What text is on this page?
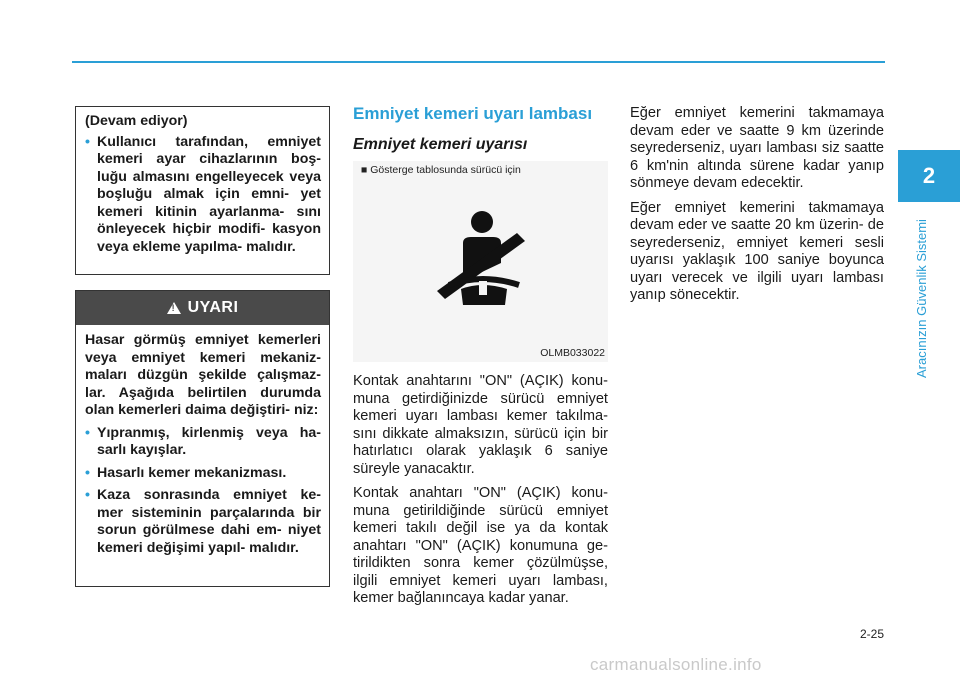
(Devam ediyor)

• Kullanıcı tarafından, emniyet kemeri ayar cihazlarının boş- luğu almasını engelleyecek veya boşluğu almak için emni- yet kemeri kitinin ayarlanma- sını önleyecek hiçbir modifi- kasyon veya ekleme yapılma- malıdır.

!
UYARI

Hasar görmüş emniyet kemerleri veya emniyet kemeri mekaniz- maları düzgün şekilde çalışmaz- lar. Aşağıda belirtilen durumda olan kemerleri daima değiştiri- niz:

• Yıpranmış, kirlenmiş veya ha- sarlı kayışlar.

• Hasarlı kemer mekanizması.

• Kaza sonrasında emniyet ke- mer sisteminin parçalarında bir sorun görülmese dahi em- niyet kemeri değişimi yapıl- malıdır.

Emniyet kemeri uyarı lambası
Emniyet kemeri uyarısı
■ Gösterge tablosunda sürücü için
OLMB033022

Kontak anahtarını "ON" (AÇIK) konu- muna getirdiğinizde sürücü emniyet kemeri uyarı lambası kemer takılma- sını dikkate almaksızın, sürücü için bir hatırlatıcı olarak yaklaşık 6 saniye süreyle yanacaktır.

Kontak anahtarı "ON" (AÇIK) konu- muna getirildiğinde sürücü emniyet kemeri takılı değil ise ya da kontak anahtarı "ON" (AÇIK) konumuna ge- tirildikten sonra kemer çözülmüşse, ilgili emniyet kemeri uyarı lambası, kemer bağlanıncaya kadar yanar.

Eğer emniyet kemerini takmamaya devam eder ve saatte 9 km üzerinde seyrederseniz, uyarı lambası siz saatte 6 km'nin altında sürene kadar yanıp sönmeye devam edecektir.

Eğer emniyet kemerini takmamaya devam eder ve saatte 20 km üzerin- de seyrederseniz, emniyet kemeri sesli uyarısı yaklaşık 100 saniye boyunca uyarı verecek ve ilgili uyarı lambası yanıp sönecektir.

2
Aracınızın Güvenlik Sistemi
2-25
carmanualsonline.info
